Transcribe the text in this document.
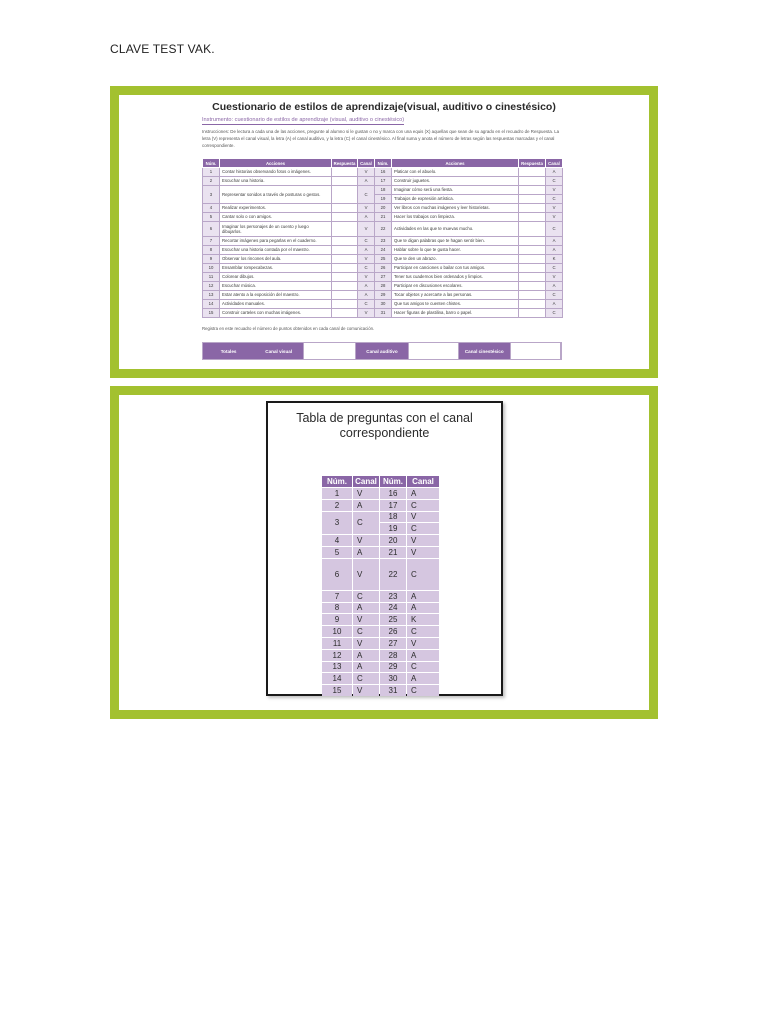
CLAVE TEST VAK.
Cuestionario de estilos de aprendizaje(visual, auditivo o cinestésico)
Instrumento: cuestionario de estilos de aprendizaje (visual, auditivo o cinestésico)
Instrucciones: De lectura a cada una de las acciones, pregunte al alumno si le gustan o no y marca con una equis (X) aquellas que sean de su agrado en el recuadro de Respuesta. La letra (V) representa el canal visual, la letra (A) el canal auditivo, y la letra (C) el canal cinestésico. Al final suma y anota el número de letras según las respuestas marcadas y el canal correspondiente.
Núm.	Acciones	Respuesta	Canal	Núm.	Acciones	Respuesta	Canal
1	Contar historias observando fotos o imágenes.		V	16	Platicar con el abuelo.		A
2	Escuchar una historia.		A	17	Construir juguetes.		C
3	Representar sonidos a través de posturas o gestos.		C	18	Imaginar cómo será una fiesta.		V
				19	Trabajos de expresión artística.		C
4	Realizar experimentos.		V	20	Ver libros con muchas imágenes y leer historietas.		V
5	Cantar solo o con amigos.		A	21	Hacer los trabajos con limpieza.		V
6	Imaginar los personajes de un cuento y luego dibujarlos.		V	22	Actividades en las que te muevas mucho.		C
7	Recortar imágenes para pegarlas en el cuaderno.		C	23	Que te digan palabras que te hagan sentir bien.		A
8	Escuchar una historia contada por el maestro.		A	24	Hablar sobre lo que te gusta hacer.		A
9	Observar los rincones del aula.		V	25	Que te den un abrazo.		K
10	Ensamblar rompecabezas.		C	26	Participar en canciones o bailar con tus amigos.		C
11	Colorear dibujos.		V	27	Tener tus cuadernos bien ordenados y limpios.		V
12	Escuchar música.		A	28	Participar en discusiones escolares.		A
13	Estar atento a la exposición del maestro.		A	29	Tocar objetos y acercarte a las personas.		C
14	Actividades manuales.		C	30	Que tus amigos te cuenten chistes.		A
15	Construir carteles con muchas imágenes.		V	31	Hacer figuras de plastilina, barro o papel.		C
Registra en este recuadro el número de puntos obtenidos en cada canal de comunicación.
Totales	Canal visual	Canal auditivo	Canal cinestésico
Tabla de preguntas con el canal
correspondiente
Núm.	Canal	Núm.	Canal
1	V	16	A
2	A	17	C
3	C	18	V
		19	C
4	V	20	V
5	A	21	V
6	V	22	C
7	C	23	A
8	A	24	A
9	V	25	K
10	C	26	C
11	V	27	V
12	A	28	A
13	A	29	C
14	C	30	A
15	V	31	C
